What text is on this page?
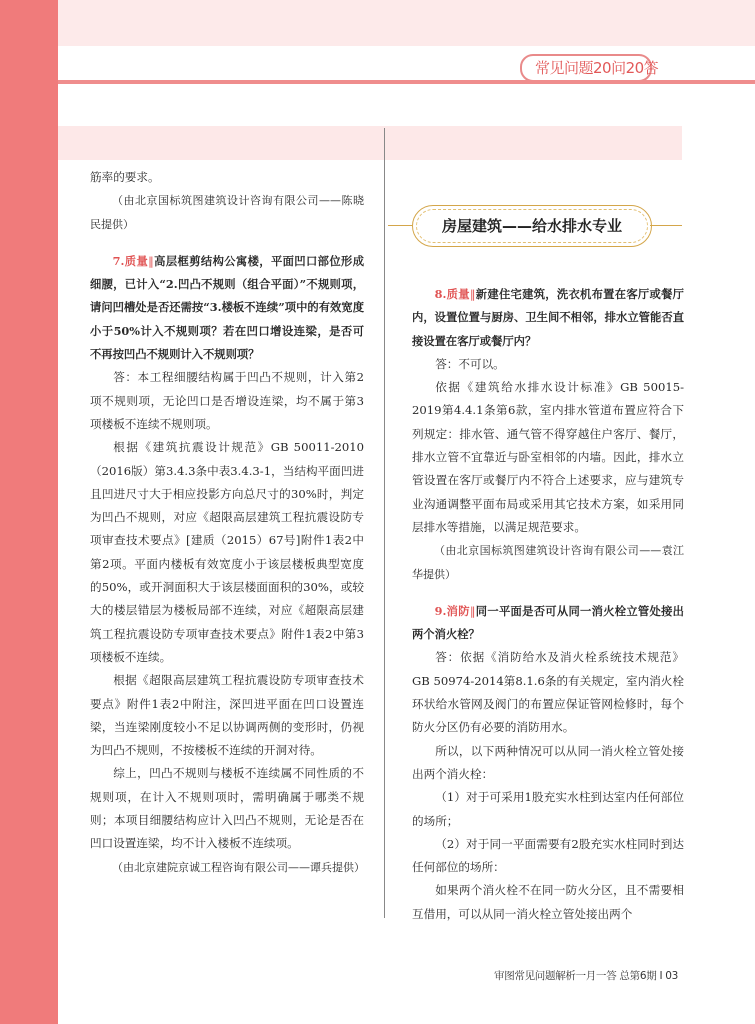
常见问题20问20答

筋率的要求。

（由北京国标筑图建筑设计咨询有限公司——陈晓民提供）

7.质量‖高层框剪结构公寓楼，平面凹口部位形成细腰，已计入“2.凹凸不规则（组合平面）”不规则项，请问凹槽处是否还需按“3.楼板不连续”项中的有效宽度小于50%计入不规则项？若在凹口增设连梁，是否可不再按凹凸不规则计入不规则项？

答：本工程细腰结构属于凹凸不规则，计入第2项不规则项，无论凹口是否增设连梁，均不属于第3项楼板不连续不规则项。

根据《建筑抗震设计规范》GB 50011-2010（2016版）第3.4.3条中表3.4.3-1，当结构平面凹进且凹进尺寸大于相应投影方向总尺寸的30%时，判定为凹凸不规则，对应《超限高层建筑工程抗震设防专项审查技术要点》[建质（2015）67号]附件1表2中第2项。平面内楼板有效宽度小于该层楼板典型宽度的50%，或开洞面积大于该层楼面面积的30%，或较大的楼层错层为楼板局部不连续，对应《超限高层建筑工程抗震设防专项审查技术要点》附件1表2中第3项楼板不连续。

根据《超限高层建筑工程抗震设防专项审查技术要点》附件1表2中附注，深凹进平面在凹口设置连梁，当连梁刚度较小不足以协调两侧的变形时，仍视为凹凸不规则，不按楼板不连续的开洞对待。

综上，凹凸不规则与楼板不连续属不同性质的不规则项，在计入不规则项时，需明确属于哪类不规则；本项目细腰结构应计入凹凸不规则，无论是否在凹口设置连梁，均不计入楼板不连续项。

（由北京建院京诚工程咨询有限公司——谭兵提供）

房屋建筑——给水排水专业

8.质量‖新建住宅建筑，洗衣机布置在客厅或餐厅内，设置位置与厨房、卫生间不相邻，排水立管能否直接设置在客厅或餐厅内？

答：不可以。

依据《建筑给水排水设计标准》GB 50015-2019第4.4.1条第6款，室内排水管道布置应符合下列规定：排水管、通气管不得穿越住户客厅、餐厅，排水立管不宜靠近与卧室相邻的内墙。因此，排水立管设置在客厅或餐厅内不符合上述要求，应与建筑专业沟通调整平面布局或采用其它技术方案，如采用同层排水等措施，以满足规范要求。

（由北京国标筑图建筑设计咨询有限公司——袁江华提供）

9.消防‖同一平面是否可从同一消火栓立管处接出两个消火栓？

答：依据《消防给水及消火栓系统技术规范》GB 50974-2014第8.1.6条的有关规定，室内消火栓环状给水管网及阀门的布置应保证管网检修时，每个防火分区仍有必要的消防用水。

所以，以下两种情况可以从同一消火栓立管处接出两个消火栓：

（1）对于可采用1股充实水柱到达室内任何部位的场所；

（2）对于同一平面需要有2股充实水柱同时到达任何部位的场所：

如果两个消火栓不在同一防火分区，且不需要相互借用，可以从同一消火栓立管处接出两个

审图常见问题解析一月一答 总第6期 Ι 03
